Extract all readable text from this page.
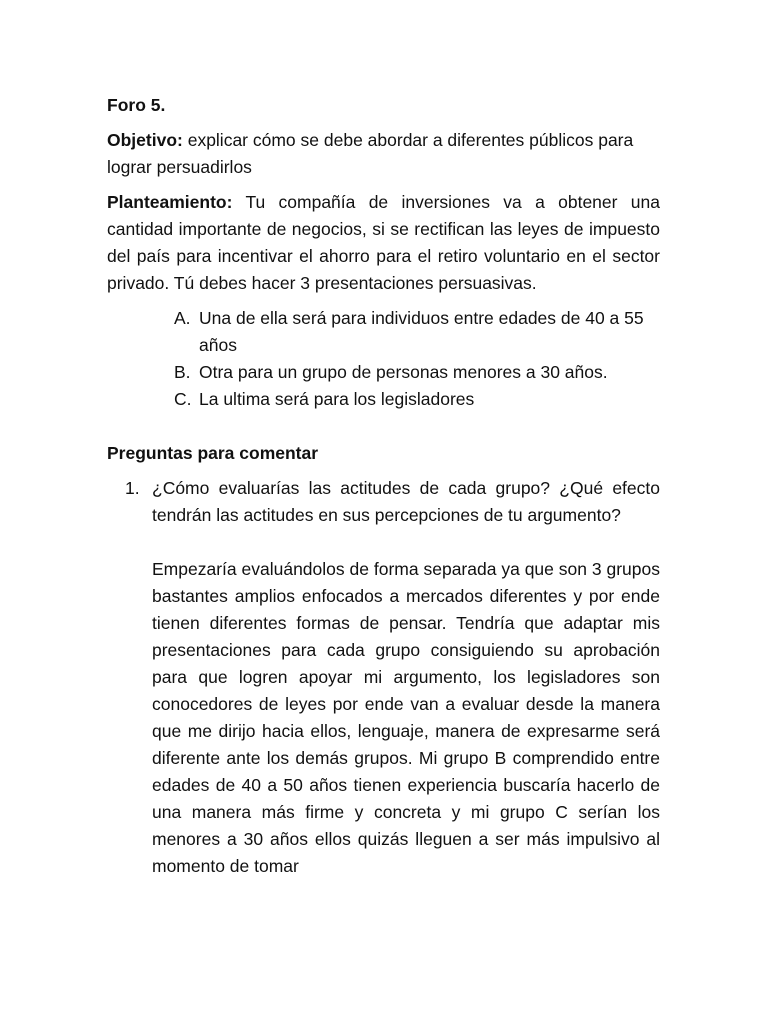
Foro 5.

Objetivo: explicar cómo se debe abordar a diferentes públicos para lograr persuadirlos

Planteamiento: Tu compañía de inversiones va a obtener una cantidad importante de negocios, si se rectifican las leyes de impuesto del país para incentivar el ahorro para el retiro voluntario en el sector privado. Tú debes hacer 3 presentaciones persuasivas.

A. Una de ella será para individuos entre edades de 40 a 55 años
B. Otra para un grupo de personas menores a 30 años.
C. La ultima será para los legisladores

Preguntas para comentar

1. ¿Cómo evaluarías las actitudes de cada grupo? ¿Qué efecto tendrán las actitudes en sus percepciones de tu argumento?
Empezaría evaluándolos de forma separada ya que son 3 grupos bastantes amplios enfocados a mercados diferentes y por ende tienen diferentes formas de pensar. Tendría que adaptar mis presentaciones para cada grupo consiguiendo su aprobación para que logren apoyar mi argumento, los legisladores son conocedores de leyes por ende van a evaluar desde la manera que me dirijo hacia ellos, lenguaje, manera de expresarme será diferente ante los demás grupos. Mi grupo B comprendido entre edades de 40 a 50 años tienen experiencia buscaría hacerlo de una manera más firme y concreta y mi grupo C serían los menores a 30 años ellos quizás lleguen a ser más impulsivo al momento de tomar
